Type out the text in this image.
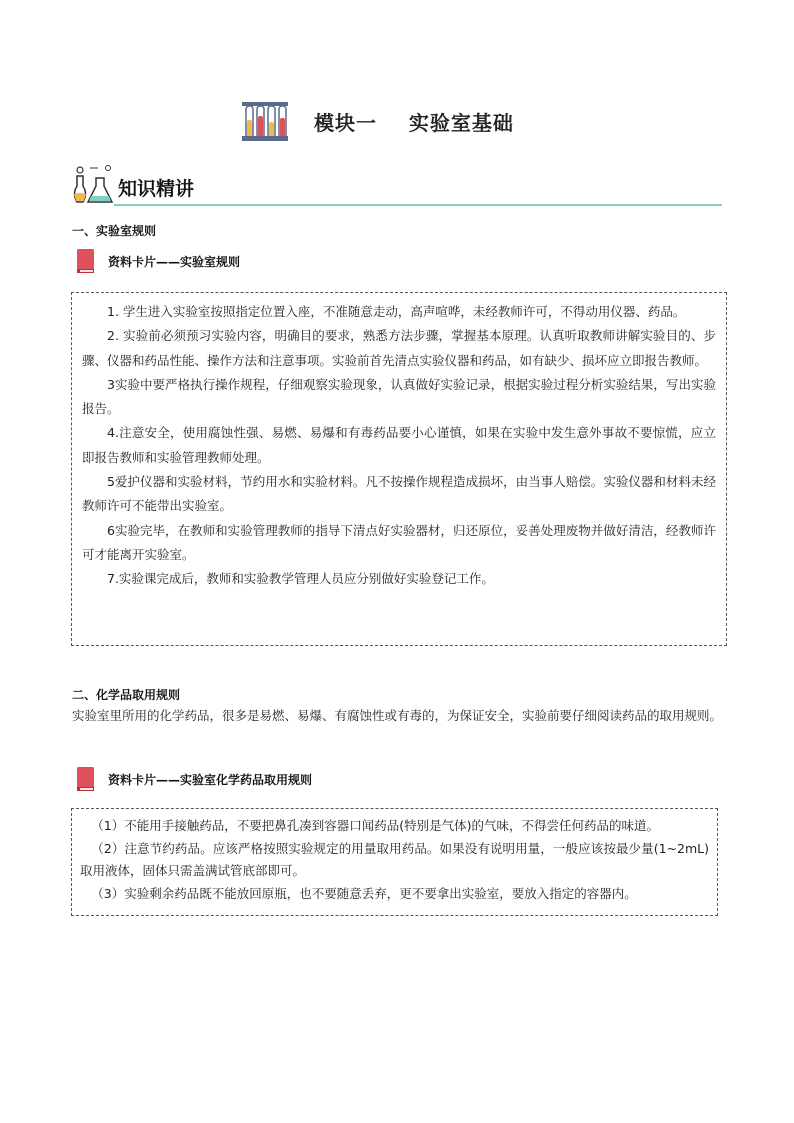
模块一    实验室基础
知识精讲
一、实验室规则
资料卡片——实验室规则
1. 学生进入实验室按照指定位置入座，不准随意走动，高声喧哗，未经教师许可，不得动用仪器、药品。
2. 实验前必须预习实验内容，明确目的要求，熟悉方法步骤，掌握基本原理。认真听取教师讲解实验目的、步骤、仪器和药品性能、操作方法和注意事项。实验前首先清点实验仪器和药品，如有缺少、损坏应立即报告教师。
3实验中要严格执行操作规程，仔细观察实验现象，认真做好实验记录，根据实验过程分析实验结果，写出实验报告。
4.注意安全，使用腐蚀性强、易燃、易爆和有毒药品要小心谨慎，如果在实验中发生意外事故不要惊慌，应立即报告教师和实验管理教师处理。
5爱护仪器和实验材料，节约用水和实验材料。凡不按操作规程造成损坏，由当事人赔偿。实验仪器和材料未经教师许可不能带出实验室。
6实验完毕，在教师和实验管理教师的指导下清点好实验器材，归还原位，妥善处理废物并做好清洁，经教师许可才能离开实验室。
7.实验课完成后，教师和实验教学管理人员应分别做好实验登记工作。
二、化学品取用规则
实验室里所用的化学药品，很多是易燃、易爆、有腐蚀性或有毒的，为保证安全，实验前要仔细阅读药品的取用规则。
资料卡片——实验室化学药品取用规则
（1）不能用手接触药品，不要把鼻孔凑到容器口闻药品(特别是气体)的气味，不得尝任何药品的味道。
（2）注意节约药品。应该严格按照实验规定的用量取用药品。如果没有说明用量，一般应该按最少量(1~2mL)取用液体，固体只需盖满试管底部即可。
（3）实验剩余药品既不能放回原瓶，也不要随意丢弃，更不要拿出实验室，要放入指定的容器内。
